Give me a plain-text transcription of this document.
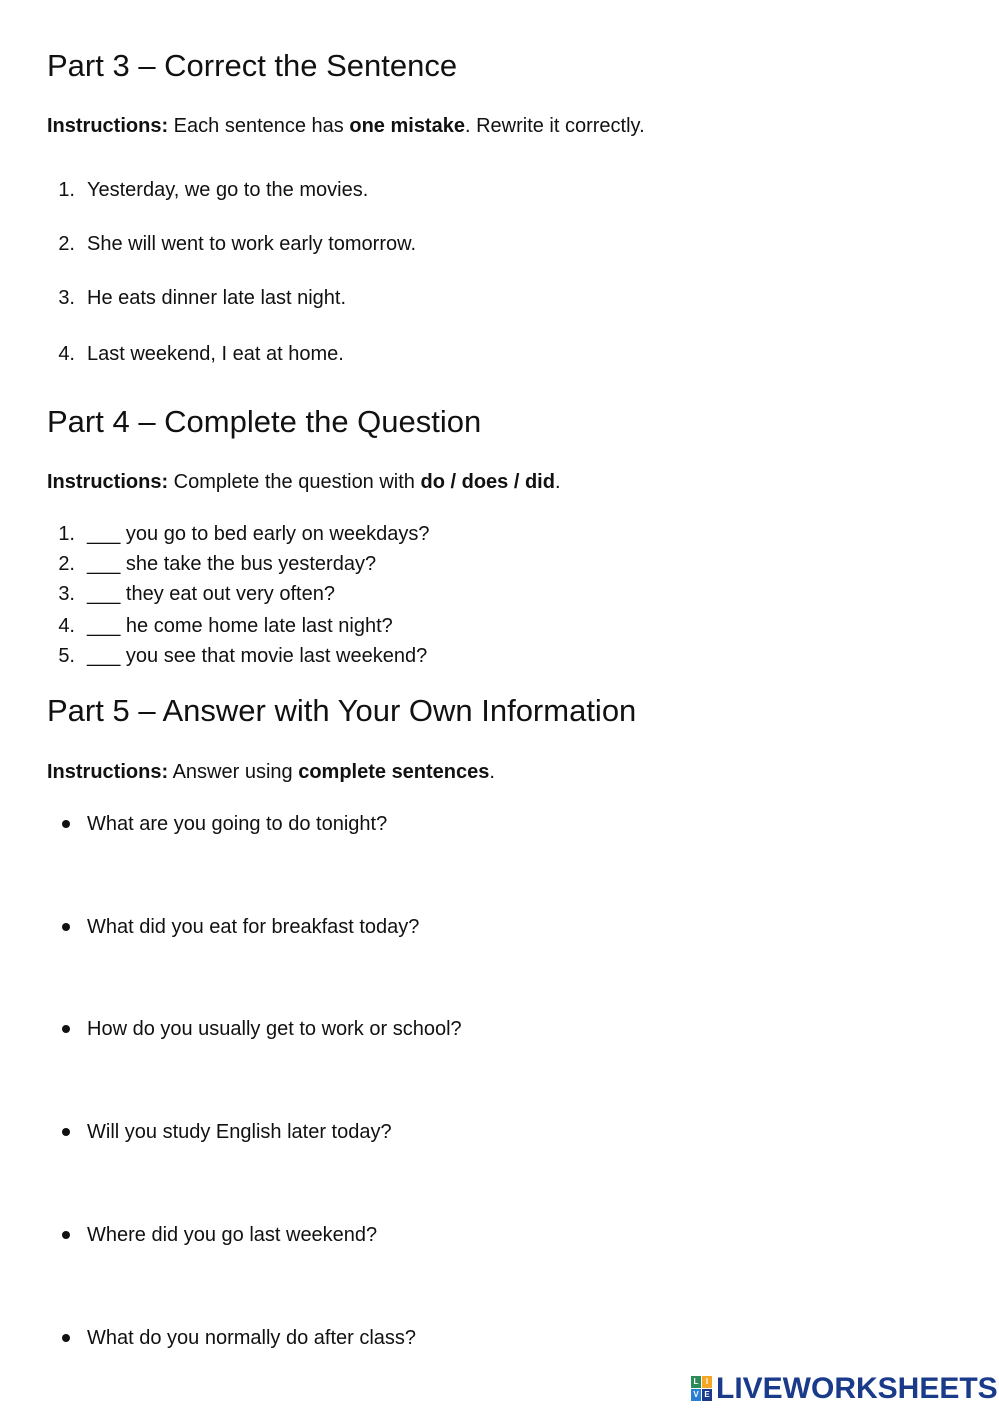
Part 3 – Correct the Sentence
Instructions: Each sentence has one mistake. Rewrite it correctly.
1. Yesterday, we go to the movies.
2. She will went to work early tomorrow.
3. He eats dinner late last night.
4. Last weekend, I eat at home.
Part 4 – Complete the Question
Instructions: Complete the question with do / does / did.
1. ___ you go to bed early on weekdays?
2. ___ she take the bus yesterday?
3. ___ they eat out very often?
4. ___ he come home late last night?
5. ___ you see that movie last weekend?
Part 5 – Answer with Your Own Information
Instructions: Answer using complete sentences.
What are you going to do tonight?
What did you eat for breakfast today?
How do you usually get to work or school?
Will you study English later today?
Where did you go last weekend?
What do you normally do after class?
L I
V E LIVEWORKSHEETS
